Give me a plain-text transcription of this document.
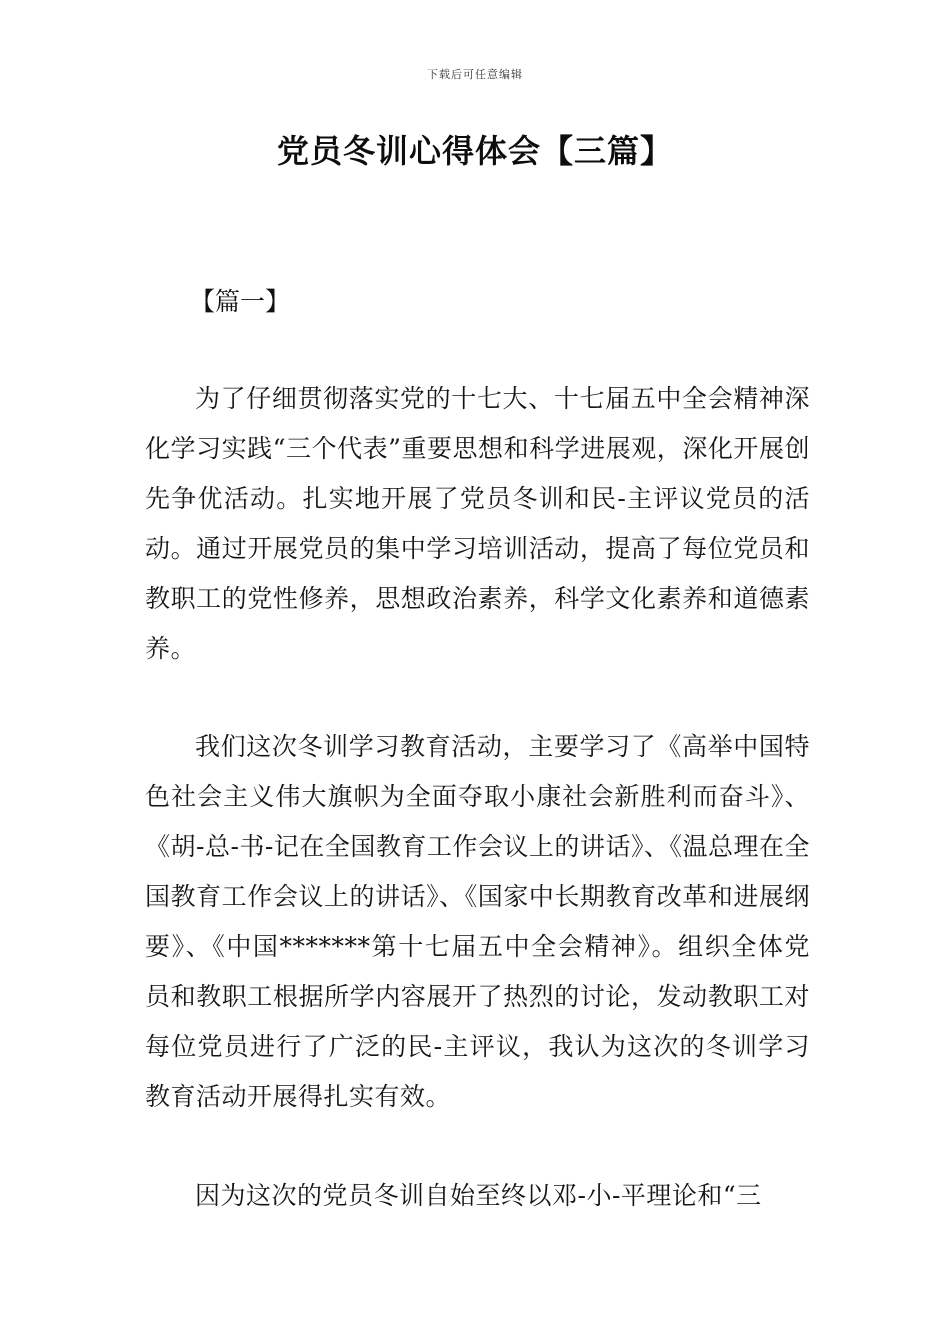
下载后可任意编辑
党员冬训心得体会【三篇】
【篇一】

为了仔细贯彻落实党的十七大、十七届五中全会精神深化学习实践“三个代表”重要思想和科学进展观，深化开展创先争优活动。扎实地开展了党员冬训和民-主评议党员的活动。通过开展党员的集中学习培训活动，提高了每位党员和教职工的党性修养，思想政治素养，科学文化素养和道德素养。

我们这次冬训学习教育活动，主要学习了《高举中国特色社会主义伟大旗帜为全面夺取小康社会新胜利而奋斗》、《胡-总-书-记在全国教育工作会议上的讲话》、《温总理在全国教育工作会议上的讲话》、《国家中长期教育改革和进展纲要》、《中国*******第十七届五中全会精神》。组织全体党员和教职工根据所学内容展开了热烈的讨论，发动教职工对每位党员进行了广泛的民-主评议，我认为这次的冬训学习教育活动开展得扎实有效。

因为这次的党员冬训自始至终以邓-小-平理论和“三
